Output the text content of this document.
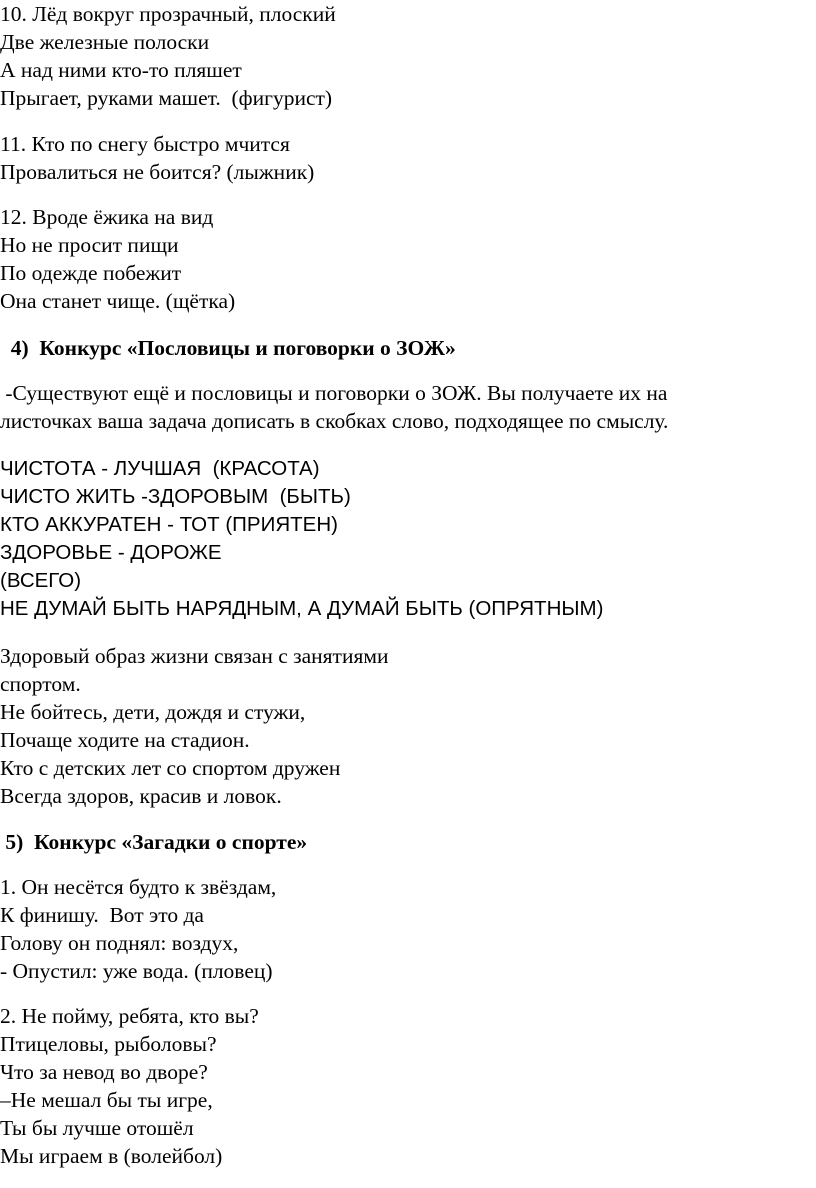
10. Лёд вокруг прозрачный, плоский
Две железные полоски
А над ними кто-то пляшет
Прыгает, руками машет.  (фигурист)
11. Кто по снегу быстро мчится
Провалиться не боится? (лыжник)
12. Вроде ёжика на вид
Но не просит пищи
По одежде побежит
Она станет чище. (щётка)
4)  Конкурс «Пословицы и поговорки о ЗОЖ»
-Существуют ещё и пословицы и поговорки о ЗОЖ. Вы получаете их на
листочках ваша задача дописать в скобках слово, подходящее по смыслу.
ЧИСТОТА - ЛУЧШАЯ  (КРАСОТА)
ЧИСТО ЖИТЬ -ЗДОРОВЫМ  (БЫТЬ)
КТО АККУРАТЕН - ТОТ (ПРИЯТЕН)
ЗДОРОВЬЕ - ДОРОЖЕ
(ВСЕГО)
НЕ ДУМАЙ БЫТЬ НАРЯДНЫМ, А ДУМАЙ БЫТЬ (ОПРЯТНЫМ)
Здоровый образ жизни связан с занятиями
спортом.
Не бойтесь, дети, дождя и стужи,
Почаще ходите на стадион.
Кто с детских лет со спортом дружен
Всегда здоров, красив и ловок.
5)  Конкурс «Загадки о спорте»
1. Он несётся будто к звёздам,
К финишу.  Вот это да
Голову он поднял: воздух,
- Опустил: уже вода. (пловец)
2. Не пойму, ребята, кто вы?
Птицеловы, рыболовы?
Что за невод во дворе?
–Не мешал бы ты игре,
Ты бы лучше отошёл
Мы играем в (волейбол)
